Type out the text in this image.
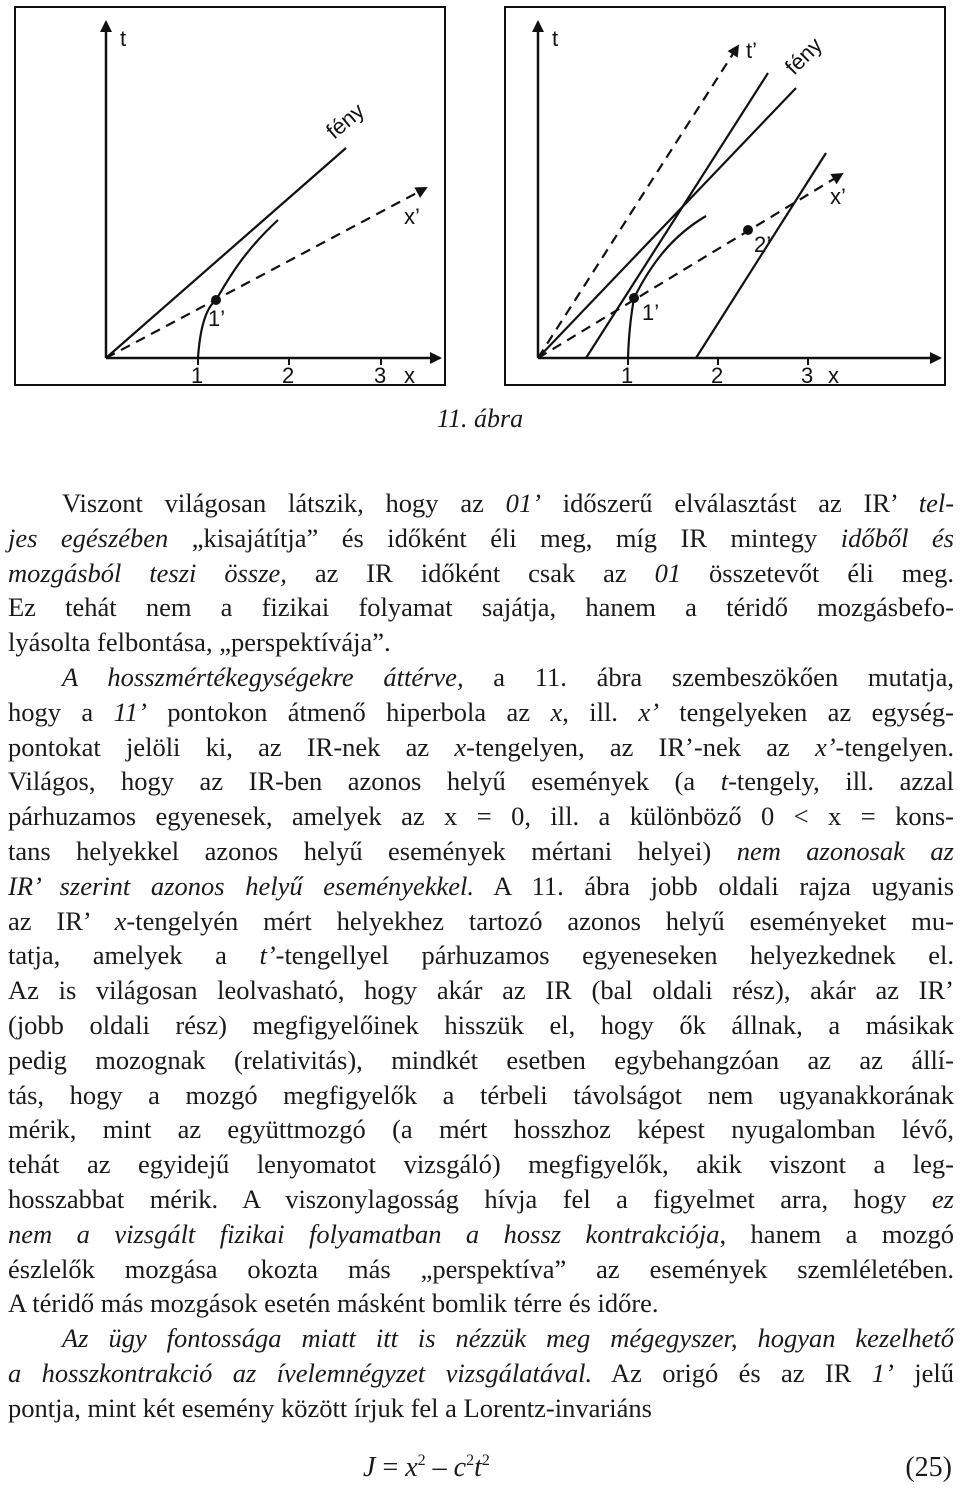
t
x
x’
fény
1’
1	2	3
t	t’
x
x’
fény
1’
2’
1	2	3
11. ábra
Viszont világosan látszik, hogy az 01’ időszerű elválasztást az IR’ tel-
jes egészében „kisajátítja” és időként éli meg, míg IR mintegy időből és
mozgásból teszi össze, az IR időként csak az 01 összetevőt éli meg.
Ez tehát nem a fizikai folyamat sajátja, hanem a téridő mozgásbefo-
lyásolta felbontása, „perspektívája”.
A hosszmértékegységekre áttérve, a 11. ábra szembeszökően mutatja,
hogy a 11’ pontokon átmenő hiperbola az x, ill. x’ tengelyeken az egység-
pontokat jelöli ki, az IR-nek az x-tengelyen, az IR’-nek az x’-tengelyen.
Világos, hogy az IR-ben azonos helyű események (a t-tengely, ill. azzal
párhuzamos egyenesek, amelyek az x = 0, ill. a különböző 0 < x = kons-
tans helyekkel azonos helyű események mértani helyei) nem azonosak az
IR’ szerint azonos helyű eseményekkel. A 11. ábra jobb oldali rajza ugyanis
az IR’ x-tengelyén mért helyekhez tartozó azonos helyű eseményeket mu-
tatja, amelyek a t’-tengellyel párhuzamos egyeneseken helyezkednek el.
Az is világosan leolvasható, hogy akár az IR (bal oldali rész), akár az IR’
(jobb oldali rész) megfigyelőinek hisszük el, hogy ők állnak, a másikak
pedig mozognak (relativitás), mindkét esetben egybehangzóan az az állí-
tás, hogy a mozgó megfigyelők a térbeli távolságot nem ugyanakkorának
mérik, mint az együttmozgó (a mért hosszhoz képest nyugalomban lévő,
tehát az egyidejű lenyomatot vizsgáló) megfigyelők, akik viszont a leg-
hosszabbat mérik. A viszonylagosság hívja fel a figyelmet arra, hogy ez
nem a vizsgált fizikai folyamatban a hossz kontrakciója, hanem a mozgó
észlelők mozgása okozta más „perspektíva” az események szemléletében.
A téridő más mozgások esetén másként bomlik térre és időre.
Az ügy fontossága miatt itt is nézzük meg mégegyszer, hogyan kezelhető
a hosszkontrakció az ívelemnégyzet vizsgálatával. Az origó és az IR 1’ jelű
pontja, mint két esemény között írjuk fel a Lorentz-invariáns
$J = x^2 - c^2t^2$	(25)
